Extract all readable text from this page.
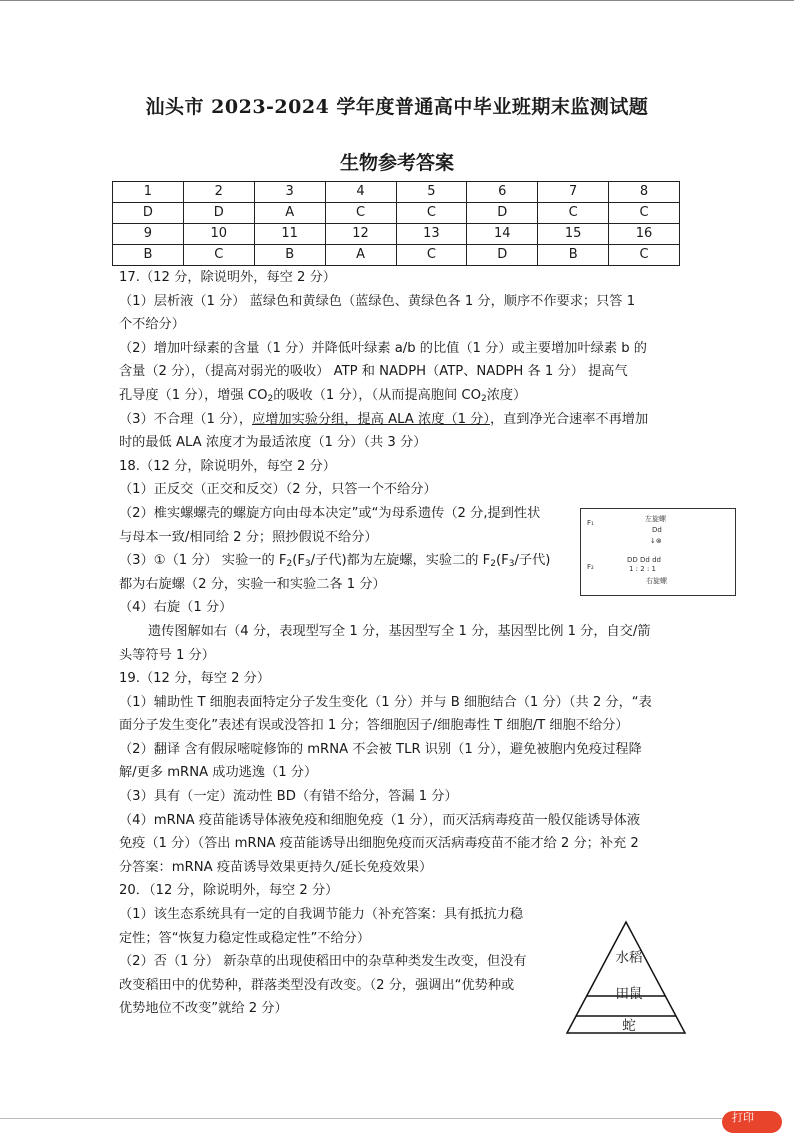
汕头市 2023-2024 学年度普通高中毕业班期末监测试题
生物参考答案
1	2	3	4	5	6	7	8
D	D	A	C	C	D	C	C
9	10	11	12	13	14	15	16
B	C	B	A	C	D	B	C
17.（12 分，除说明外，每空 2 分）
（1）层析液（1 分） 蓝绿色和黄绿色（蓝绿色、黄绿色各 1 分，顺序不作要求；只答 1
个不给分）
（2）增加叶绿素的含量（1 分）并降低叶绿素 a/b 的比值（1 分）或主要增加叶绿素 b 的
含量（2 分），（提高对弱光的吸收） ATP 和 NADPH（ATP、NADPH 各 1 分） 提高气
孔导度（1 分），增强 $CO_2$的吸收（1 分），（从而提高胞间 $CO_2$浓度）
（3）不合理（1 分），应增加实验分组，提高 ALA 浓度（1 分），直到净光合速率不再增加
时的最低 ALA 浓度才为最适浓度（1 分）（共 3 分）
18.（12 分，除说明外，每空 2 分）
（1）正反交（正交和反交）（2 分，只答一个不给分）
（2）椎实螺螺壳的螺旋方向由母本决定”或“为母系遗传（2 分,提到性状
与母本一致/相同给 2 分；照抄假说不给分）
（3）①（1 分） 实验一的 $F_2(F_3/$子代)都为左旋螺，实验二的 $F_2(F_3/$子代)
都为右旋螺（2 分，实验一和实验二各 1 分）
（4）右旋（1 分）
遗传图解如右（4 分，表现型写全 1 分，基因型写全 1 分，基因型比例 1 分，自交/箭
头等符号 1 分）
19.（12 分，每空 2 分）
（1）辅助性 T 细胞表面特定分子发生变化（1 分）并与 B 细胞结合（1 分）（共 2 分，“表
面分子发生变化”表述有误或没答扣 1 分；答细胞因子/细胞毒性 T 细胞/T 细胞不给分）
（2）翻译 含有假尿嘧啶修饰的 mRNA 不会被 TLR 识别（1 分），避免被胞内免疫过程降
解/更多 mRNA 成功逃逸（1 分）
（3）具有（一定）流动性 BD（有错不给分，答漏 1 分）
（4）mRNA 疫苗能诱导体液免疫和细胞免疫（1 分），而灭活病毒疫苗一般仅能诱导体液
免疫（1 分）（答出 mRNA 疫苗能诱导出细胞免疫而灭活病毒疫苗不能才给 2 分；补充 2
分答案：mRNA 疫苗诱导效果更持久/延长免疫效果）
20．（12 分，除说明外，每空 2 分）
（1）该生态系统具有一定的自我调节能力（补充答案：具有抵抗力稳
定性；答“恢复力稳定性或稳定性”不给分）
（2）否（1 分） 新杂草的出现使稻田中的杂草种类发生改变，但没有
改变稻田中的优势种，群落类型没有改变。（2 分，强调出“优势种或
优势地位不改变”就给 2 分）
F₁	左旋螺
Dd
↓⊗
F₂
DD Dd dd
1 : 2 : 1
右旋螺
水稻
田鼠
蛇
打印
